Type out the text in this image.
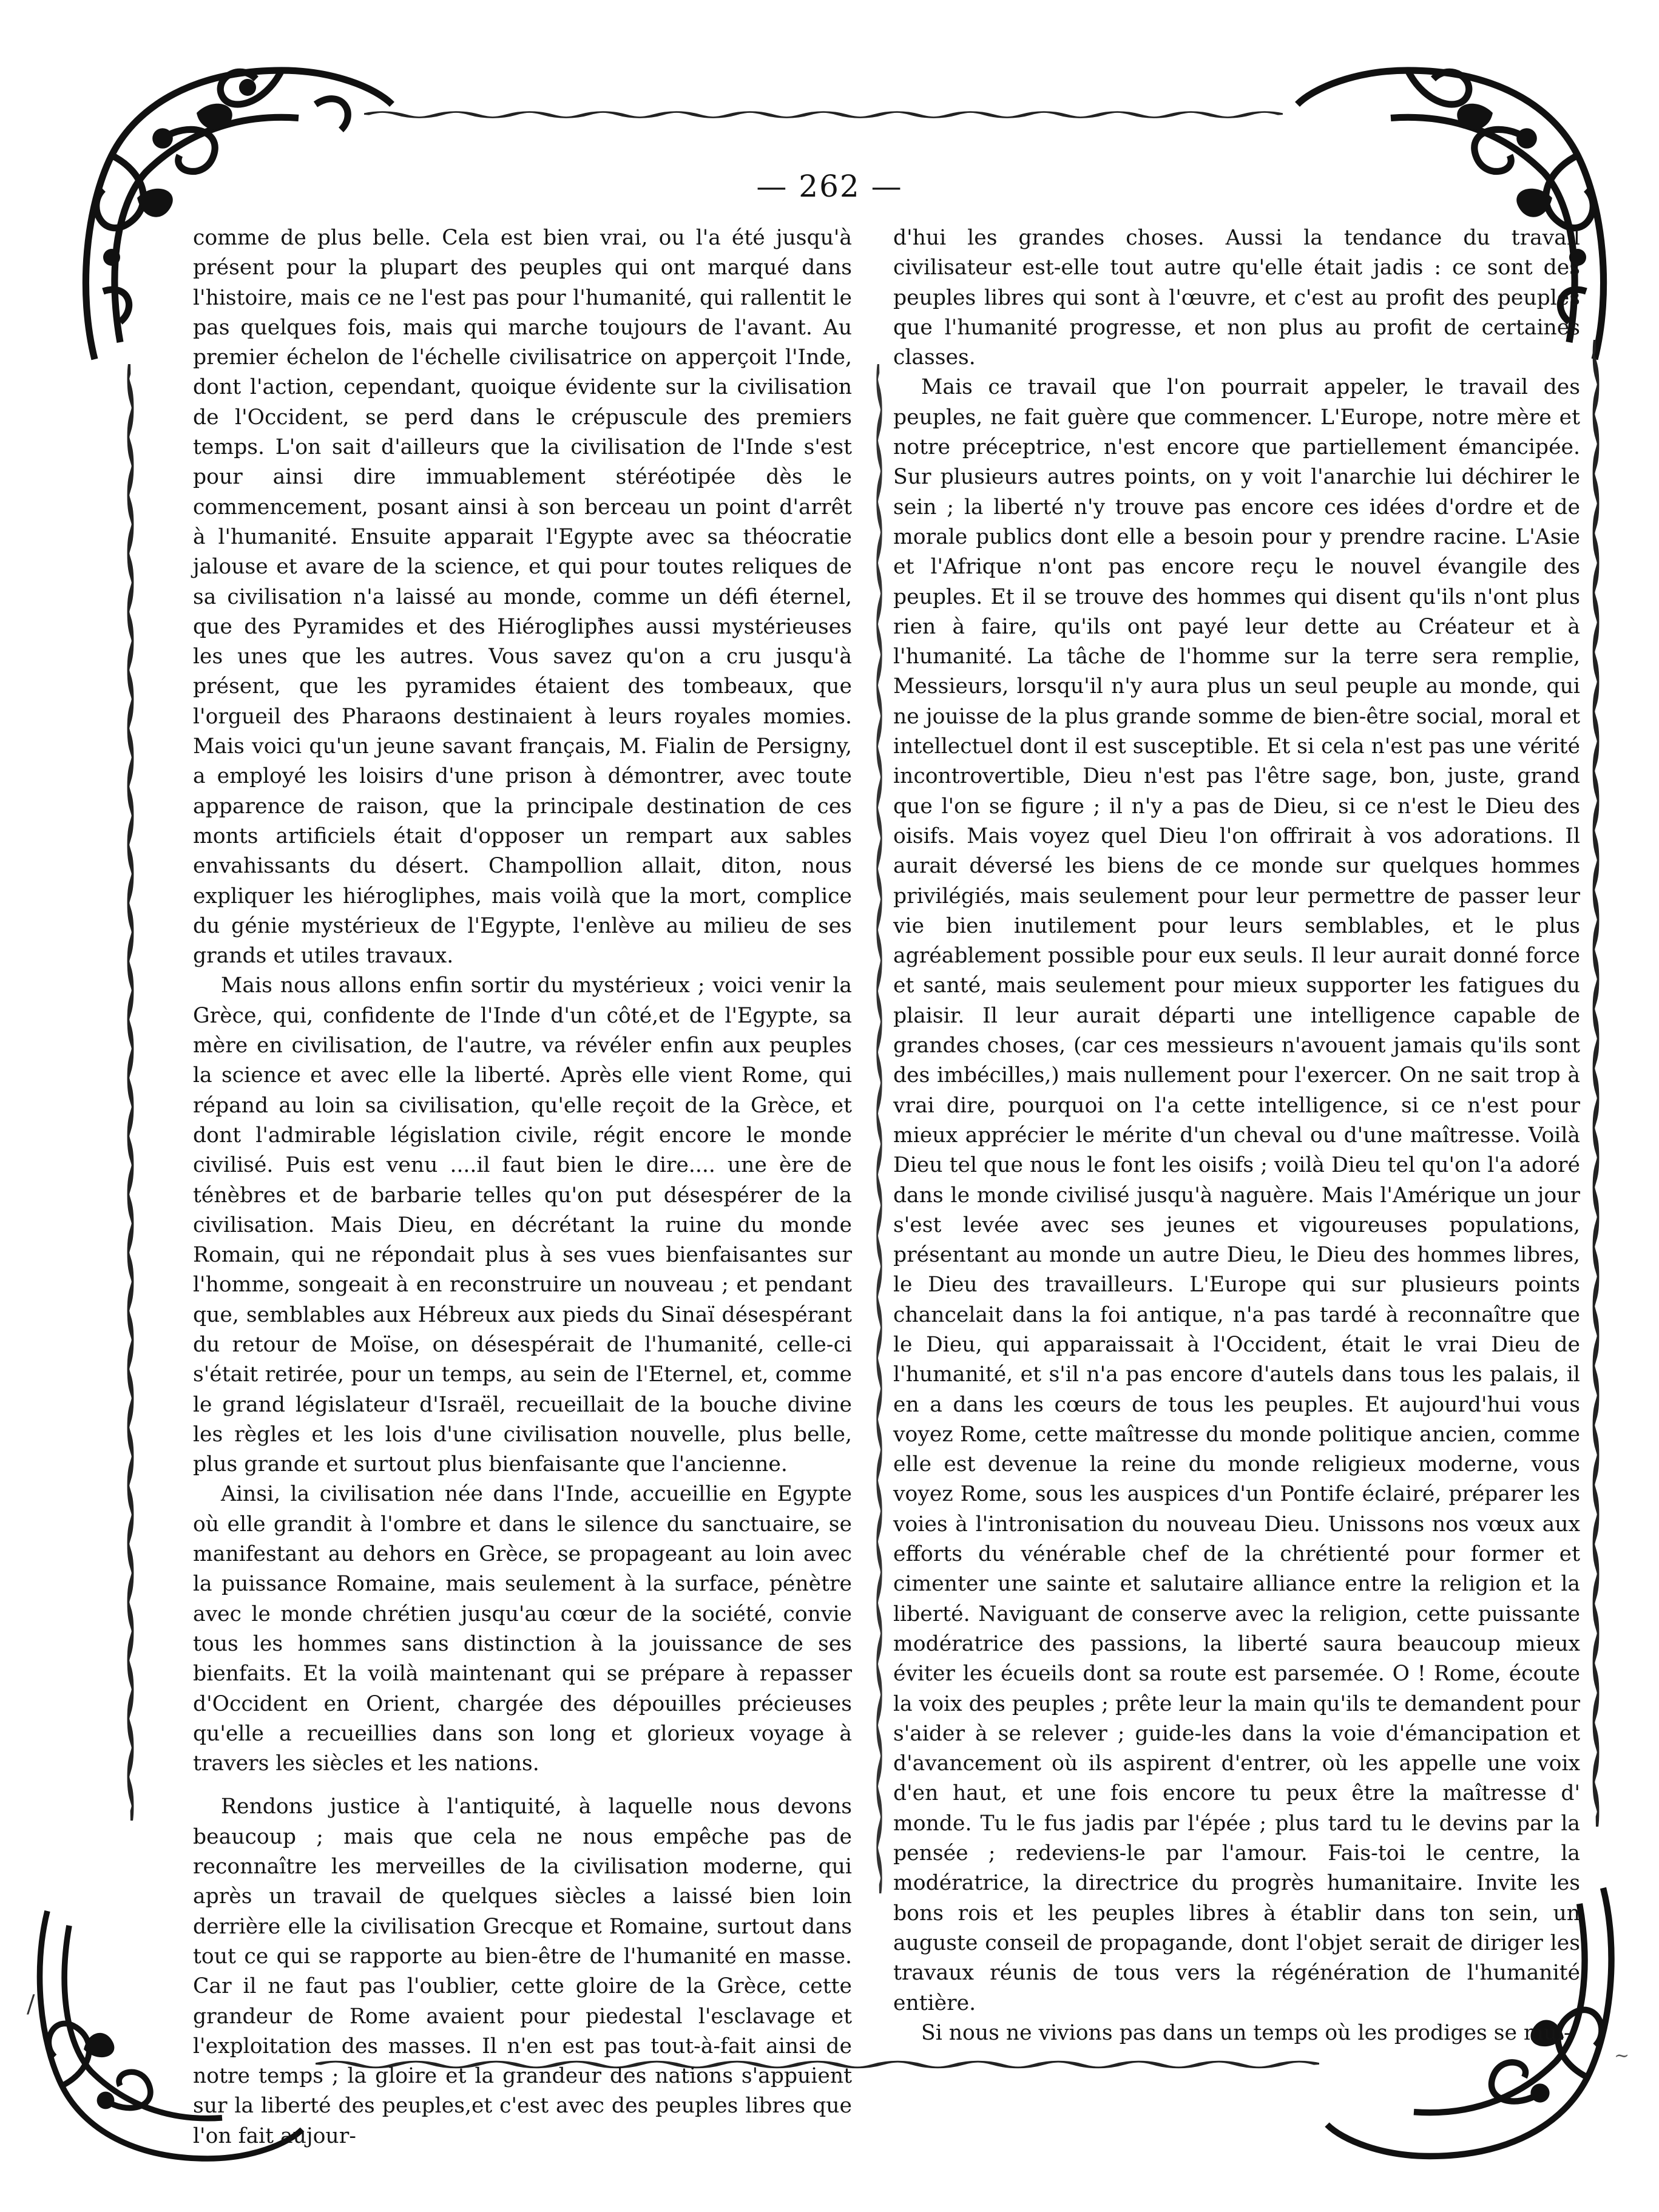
— 262 —

comme de plus belle. Cela est bien vrai, ou l'a été jusqu'à présent pour la plupart des peuples qui ont marqué dans l'histoire, mais ce ne l'est pas pour l'humanité, qui rallentit le pas quelques fois, mais qui marche toujours de l'avant. Au premier échelon de l'échelle civilisatrice on apperçoit l'Inde, dont l'action, cependant, quoique évidente sur la civilisation de l'Occident, se perd dans le crépuscule des premiers temps. L'on sait d'ailleurs que la civilisation de l'Inde s'est pour ainsi dire immuablement stéréotipée dès le commencement, posant ainsi à son berceau un point d'arrêt à l'humanité. Ensuite apparait l'Egypte avec sa théocratie jalouse et avare de la science, et qui pour toutes reliques de sa civilisation n'a laissé au monde, comme un défi éternel, que des Pyramides et des Hiéroglipħes aussi mystérieuses les unes que les autres. Vous savez qu'on a cru jusqu'à présent, que les pyramides étaient des tombeaux, que l'orgueil des Pharaons destinaient à leurs royales momies. Mais voici qu'un jeune savant français, M. Fialin de Persigny, a employé les loisirs d'une prison à démontrer, avec toute apparence de raison, que la principale destination de ces monts artificiels était d'opposer un rempart aux sables envahissants du désert. Champollion allait, diton, nous expliquer les hiérogliphes, mais voilà que la mort, complice du génie mystérieux de l'Egypte, l'enlève au milieu de ses grands et utiles travaux.

Mais nous allons enfin sortir du mystérieux ; voici venir la Grèce, qui, confidente de l'Inde d'un côté,et de l'Egypte, sa mère en civilisation, de l'autre, va révéler enfin aux peuples la science et avec elle la liberté. Après elle vient Rome, qui répand au loin sa civilisation, qu'elle reçoit de la Grèce, et dont l'admirable législation civile, régit encore le monde civilisé. Puis est venu ....il faut bien le dire.... une ère de ténèbres et de barbarie telles qu'on put désespérer de la civilisation. Mais Dieu, en décrétant la ruine du monde Romain, qui ne répondait plus à ses vues bienfaisantes sur l'homme, songeait à en reconstruire un nouveau ; et pendant que, semblables aux Hébreux aux pieds du Sinaï désespérant du retour de Moïse, on désespérait de l'humanité, celle-ci s'était retirée, pour un temps, au sein de l'Eternel, et, comme le grand législateur d'Israël, recueillait de la bouche divine les règles et les lois d'une civilisation nouvelle, plus belle, plus grande et surtout plus bienfaisante que l'ancienne.

Ainsi, la civilisation née dans l'Inde, accueillie en Egypte où elle grandit à l'ombre et dans le silence du sanctuaire, se manifestant au dehors en Grèce, se propageant au loin avec la puissance Romaine, mais seulement à la surface, pénètre avec le monde chrétien jusqu'au cœur de la société, convie tous les hommes sans distinction à la jouissance de ses bienfaits. Et la voilà maintenant qui se prépare à repasser d'Occident en Orient, chargée des dépouilles précieuses qu'elle a recueillies dans son long et glorieux voyage à travers les siècles et les nations.

Rendons justice à l'antiquité, à laquelle nous devons beaucoup ; mais que cela ne nous empêche pas de reconnaître les merveilles de la civilisation moderne, qui après un travail de quelques siècles a laissé bien loin derrière elle la civilisation Grecque et Romaine, surtout dans tout ce qui se rapporte au bien-être de l'humanité en masse. Car il ne faut pas l'oublier, cette gloire de la Grèce, cette grandeur de Rome avaient pour piedestal l'esclavage et l'exploitation des masses. Il n'en est pas tout-à-fait ainsi de notre temps ; la gloire et la grandeur des nations s'appuient sur la liberté des peuples,et c'est avec des peuples libres que l'on fait aujour-

d'hui les grandes choses. Aussi la tendance du travail civilisateur est-elle tout autre qu'elle était jadis : ce sont des peuples libres qui sont à l'œuvre, et c'est au profit des peuples que l'humanité progresse, et non plus au profit de certaines classes.

Mais ce travail que l'on pourrait appeler, le travail des peuples, ne fait guère que commencer. L'Europe, notre mère et notre préceptrice, n'est encore que partiellement émancipée. Sur plusieurs autres points, on y voit l'anarchie lui déchirer le sein ; la liberté n'y trouve pas encore ces idées d'ordre et de morale publics dont elle a besoin pour y prendre racine. L'Asie et l'Afrique n'ont pas encore reçu le nouvel évangile des peuples. Et il se trouve des hommes qui disent qu'ils n'ont plus rien à faire, qu'ils ont payé leur dette au Créateur et à l'humanité. La tâche de l'homme sur la terre sera remplie, Messieurs, lorsqu'il n'y aura plus un seul peuple au monde, qui ne jouisse de la plus grande somme de bien-être social, moral et intellectuel dont il est susceptible. Et si cela n'est pas une vérité incontrovertible, Dieu n'est pas l'être sage, bon, juste, grand que l'on se figure ; il n'y a pas de Dieu, si ce n'est le Dieu des oisifs. Mais voyez quel Dieu l'on offrirait à vos adorations. Il aurait déversé les biens de ce monde sur quelques hommes privilégiés, mais seulement pour leur permettre de passer leur vie bien inutilement pour leurs semblables, et le plus agréablement possible pour eux seuls. Il leur aurait donné force et santé, mais seulement pour mieux supporter les fatigues du plaisir. Il leur aurait départi une intelligence capable de grandes choses, (car ces messieurs n'avouent jamais qu'ils sont des imbécilles,) mais nullement pour l'exercer. On ne sait trop à vrai dire, pourquoi on l'a cette intelligence, si ce n'est pour mieux apprécier le mérite d'un cheval ou d'une maîtresse. Voilà Dieu tel que nous le font les oisifs ; voilà Dieu tel qu'on l'a adoré dans le monde civilisé jusqu'à naguère. Mais l'Amérique un jour s'est levée avec ses jeunes et vigoureuses populations, présentant au monde un autre Dieu, le Dieu des hommes libres, le Dieu des travailleurs. L'Europe qui sur plusieurs points chancelait dans la foi antique, n'a pas tardé à reconnaître que le Dieu, qui apparaissait à l'Occident, était le vrai Dieu de l'humanité, et s'il n'a pas encore d'autels dans tous les palais, il en a dans les cœurs de tous les peuples. Et aujourd'hui vous voyez Rome, cette maîtresse du monde politique ancien, comme elle est devenue la reine du monde religieux moderne, vous voyez Rome, sous les auspices d'un Pontife éclairé, préparer les voies à l'intronisation du nouveau Dieu. Unissons nos vœux aux efforts du vénérable chef de la chrétienté pour former et cimenter une sainte et salutaire alliance entre la religion et la liberté. Naviguant de conserve avec la religion, cette puissante modératrice des passions, la liberté saura beaucoup mieux éviter les écueils dont sa route est parsemée. O ! Rome, écoute la voix des peuples ; prête leur la main qu'ils te demandent pour s'aider à se relever ; guide-les dans la voie d'émancipation et d'avancement où ils aspirent d'entrer, où les appelle une voix d'en haut, et une fois encore tu peux être la maîtresse d' monde. Tu le fus jadis par l'épée ; plus tard tu le devins par la pensée ; redeviens-le par l'amour. Fais-toi le centre, la modératrice, la directrice du progrès humanitaire. Invite les bons rois et les peuples libres à établir dans ton sein, un auguste conseil de propagande, dont l'objet serait de diriger les travaux réunis de tous vers la régénération de l'humanité entière.

Si nous ne vivions pas dans un temps où les prodiges se mul-

/
~
